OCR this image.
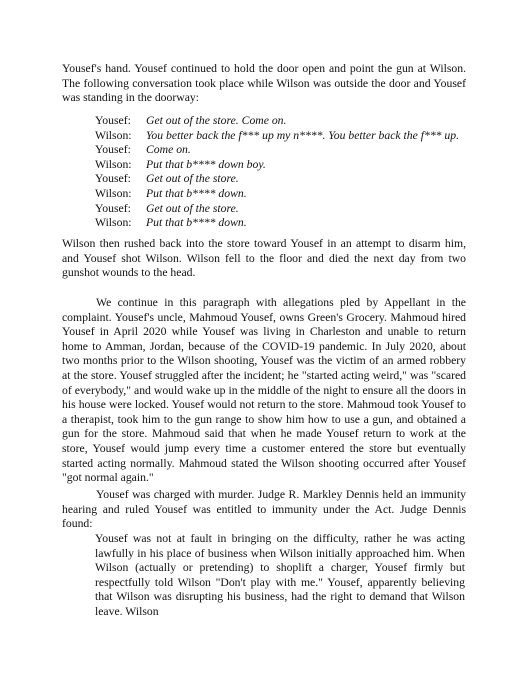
Yousef's hand. Yousef continued to hold the door open and point the gun at Wilson. The following conversation took place while Wilson was outside the door and Yousef was standing in the doorway:

Yousef: Get out of the store. Come on.
Wilson: You better back the f*** up my n****. You better back the f*** up.
Yousef: Come on.
Wilson: Put that b**** down boy.
Yousef: Get out of the store.
Wilson: Put that b**** down.
Yousef: Get out of the store.
Wilson: Put that b**** down.

Wilson then rushed back into the store toward Yousef in an attempt to disarm him, and Yousef shot Wilson. Wilson fell to the floor and died the next day from two gunshot wounds to the head.

We continue in this paragraph with allegations pled by Appellant in the complaint. Yousef's uncle, Mahmoud Yousef, owns Green's Grocery. Mahmoud hired Yousef in April 2020 while Yousef was living in Charleston and unable to return home to Amman, Jordan, because of the COVID-19 pandemic. In July 2020, about two months prior to the Wilson shooting, Yousef was the victim of an armed robbery at the store. Yousef struggled after the incident; he "started acting weird," was "scared of everybody," and would wake up in the middle of the night to ensure all the doors in his house were locked. Yousef would not return to the store. Mahmoud took Yousef to a therapist, took him to the gun range to show him how to use a gun, and obtained a gun for the store. Mahmoud said that when he made Yousef return to work at the store, Yousef would jump every time a customer entered the store but eventually started acting normally. Mahmoud stated the Wilson shooting occurred after Yousef "got normal again."

Yousef was charged with murder. Judge R. Markley Dennis held an immunity hearing and ruled Yousef was entitled to immunity under the Act. Judge Dennis found:

Yousef was not at fault in bringing on the difficulty, rather he was acting lawfully in his place of business when Wilson initially approached him. When Wilson (actually or pretending) to shoplift a charger, Yousef firmly but respectfully told Wilson "Don't play with me." Yousef, apparently believing that Wilson was disrupting his business, had the right to demand that Wilson leave. Wilson
